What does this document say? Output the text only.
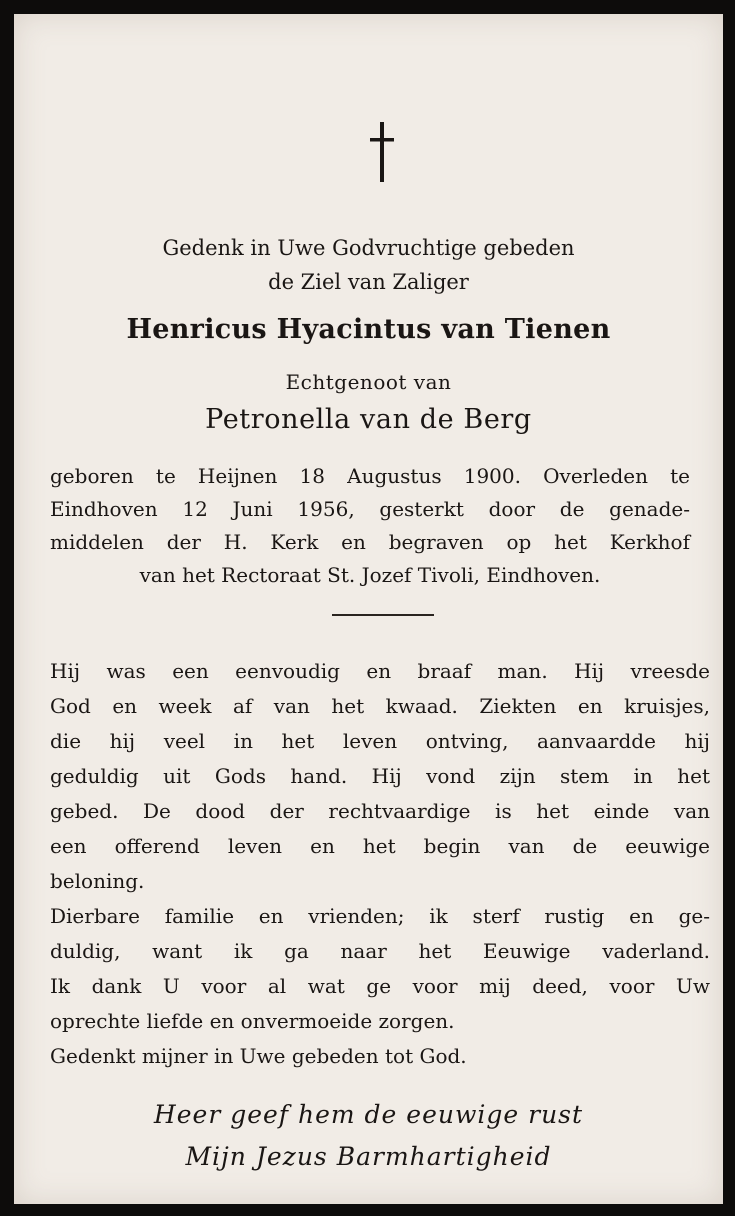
Gedenk in Uwe Godvruchtige gebeden
de Ziel van Zaliger
Henricus Hyacintus van Tienen
Echtgenoot van
Petronella van de Berg
geboren te Heijnen 18 Augustus 1900. Overleden te
Eindhoven 12 Juni 1956, gesterkt door de genade-
middelen der H. Kerk en begraven op het Kerkhof
van het Rectoraat St. Jozef Tivoli, Eindhoven.
Hij was een eenvoudig en braaf man. Hij vreesde
God en week af van het kwaad. Ziekten en kruisjes,
die hij veel in het leven ontving, aanvaardde hij
geduldig uit Gods hand. Hij vond zijn stem in het
gebed. De dood der rechtvaardige is het einde van
een offerend leven en het begin van de eeuwige
beloning.
Dierbare familie en vrienden; ik sterf rustig en ge-
duldig, want ik ga naar het Eeuwige vaderland.
Ik dank U voor al wat ge voor mij deed, voor Uw
oprechte liefde en onvermoeide zorgen.
Gedenkt mijner in Uwe gebeden tot God.
Heer geef hem de eeuwige rust
Mijn Jezus Barmhartigheid
